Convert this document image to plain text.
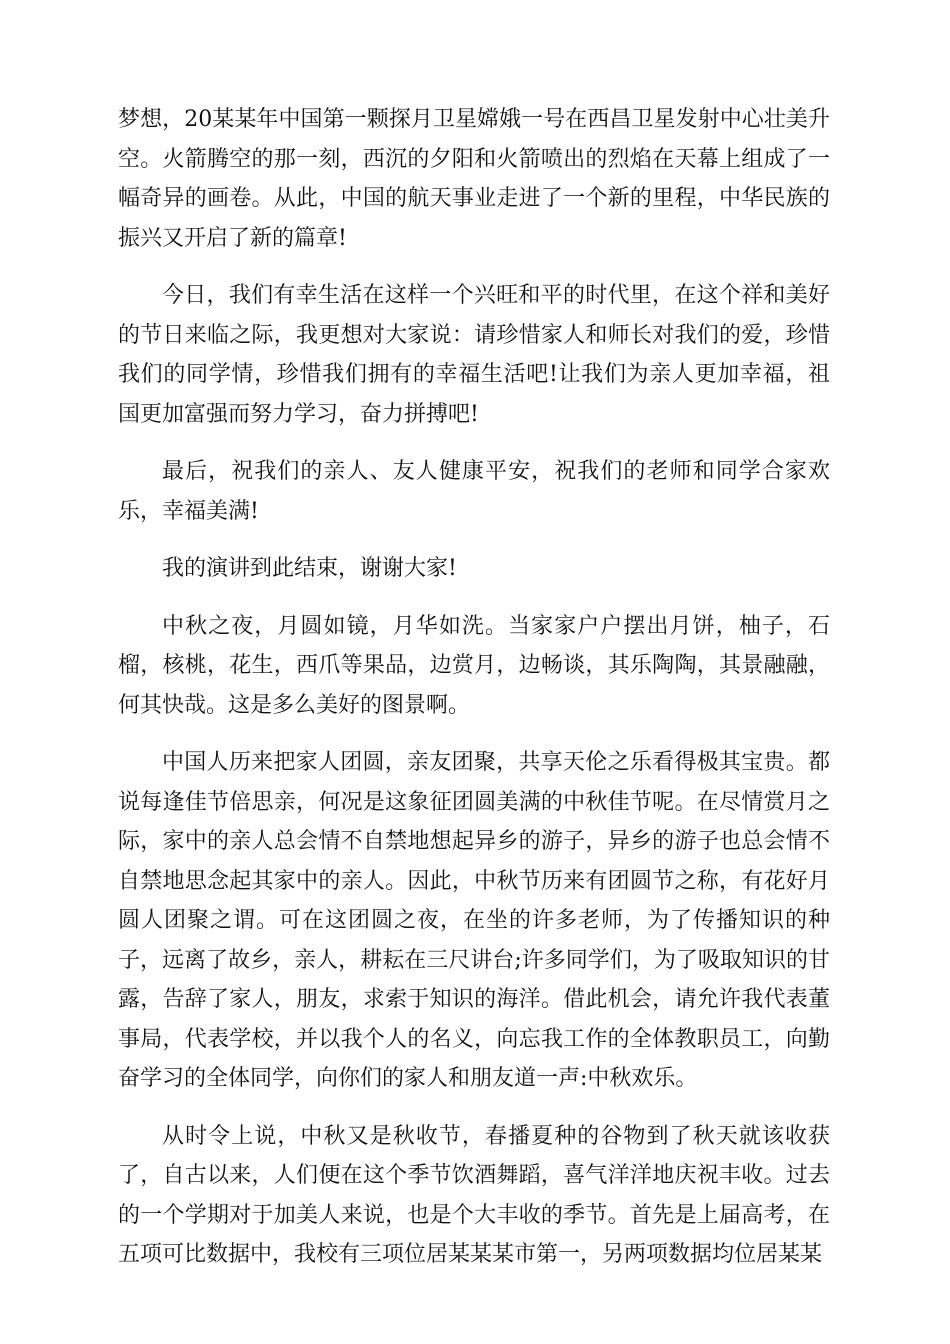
梦想，20某某年中国第一颗探月卫星嫦娥一号在西昌卫星发射中心壮美升空。火箭腾空的那一刻，西沉的夕阳和火箭喷出的烈焰在天幕上组成了一幅奇异的画卷。从此，中国的航天事业走进了一个新的里程，中华民族的振兴又开启了新的篇章!

今日，我们有幸生活在这样一个兴旺和平的时代里，在这个祥和美好的节日来临之际，我更想对大家说：请珍惜家人和师长对我们的爱，珍惜我们的同学情，珍惜我们拥有的幸福生活吧!让我们为亲人更加幸福，祖国更加富强而努力学习，奋力拼搏吧!

最后，祝我们的亲人、友人健康平安，祝我们的老师和同学合家欢乐，幸福美满!

我的演讲到此结束，谢谢大家!

中秋之夜，月圆如镜，月华如洗。当家家户户摆出月饼，柚子，石榴，核桃，花生，西爪等果品，边赏月，边畅谈，其乐陶陶，其景融融，何其快哉。这是多么美好的图景啊。

中国人历来把家人团圆，亲友团聚，共享天伦之乐看得极其宝贵。都说每逢佳节倍思亲，何况是这象征团圆美满的中秋佳节呢。在尽情赏月之际，家中的亲人总会情不自禁地想起异乡的游子，异乡的游子也总会情不自禁地思念起其家中的亲人。因此，中秋节历来有团圆节之称，有花好月圆人团聚之谓。可在这团圆之夜，在坐的许多老师，为了传播知识的种子，远离了故乡，亲人，耕耘在三尺讲台;许多同学们，为了吸取知识的甘露，告辞了家人，朋友，求索于知识的海洋。借此机会，请允许我代表董事局，代表学校，并以我个人的名义，向忘我工作的全体教职员工，向勤奋学习的全体同学，向你们的家人和朋友道一声:中秋欢乐。

从时令上说，中秋又是秋收节，春播夏种的谷物到了秋天就该收获了，自古以来，人们便在这个季节饮酒舞蹈，喜气洋洋地庆祝丰收。过去的一个学期对于加美人来说，也是个大丰收的季节。首先是上届高考，在五项可比数据中，我校有三项位居某某某市第一，另两项数据均位居某某
